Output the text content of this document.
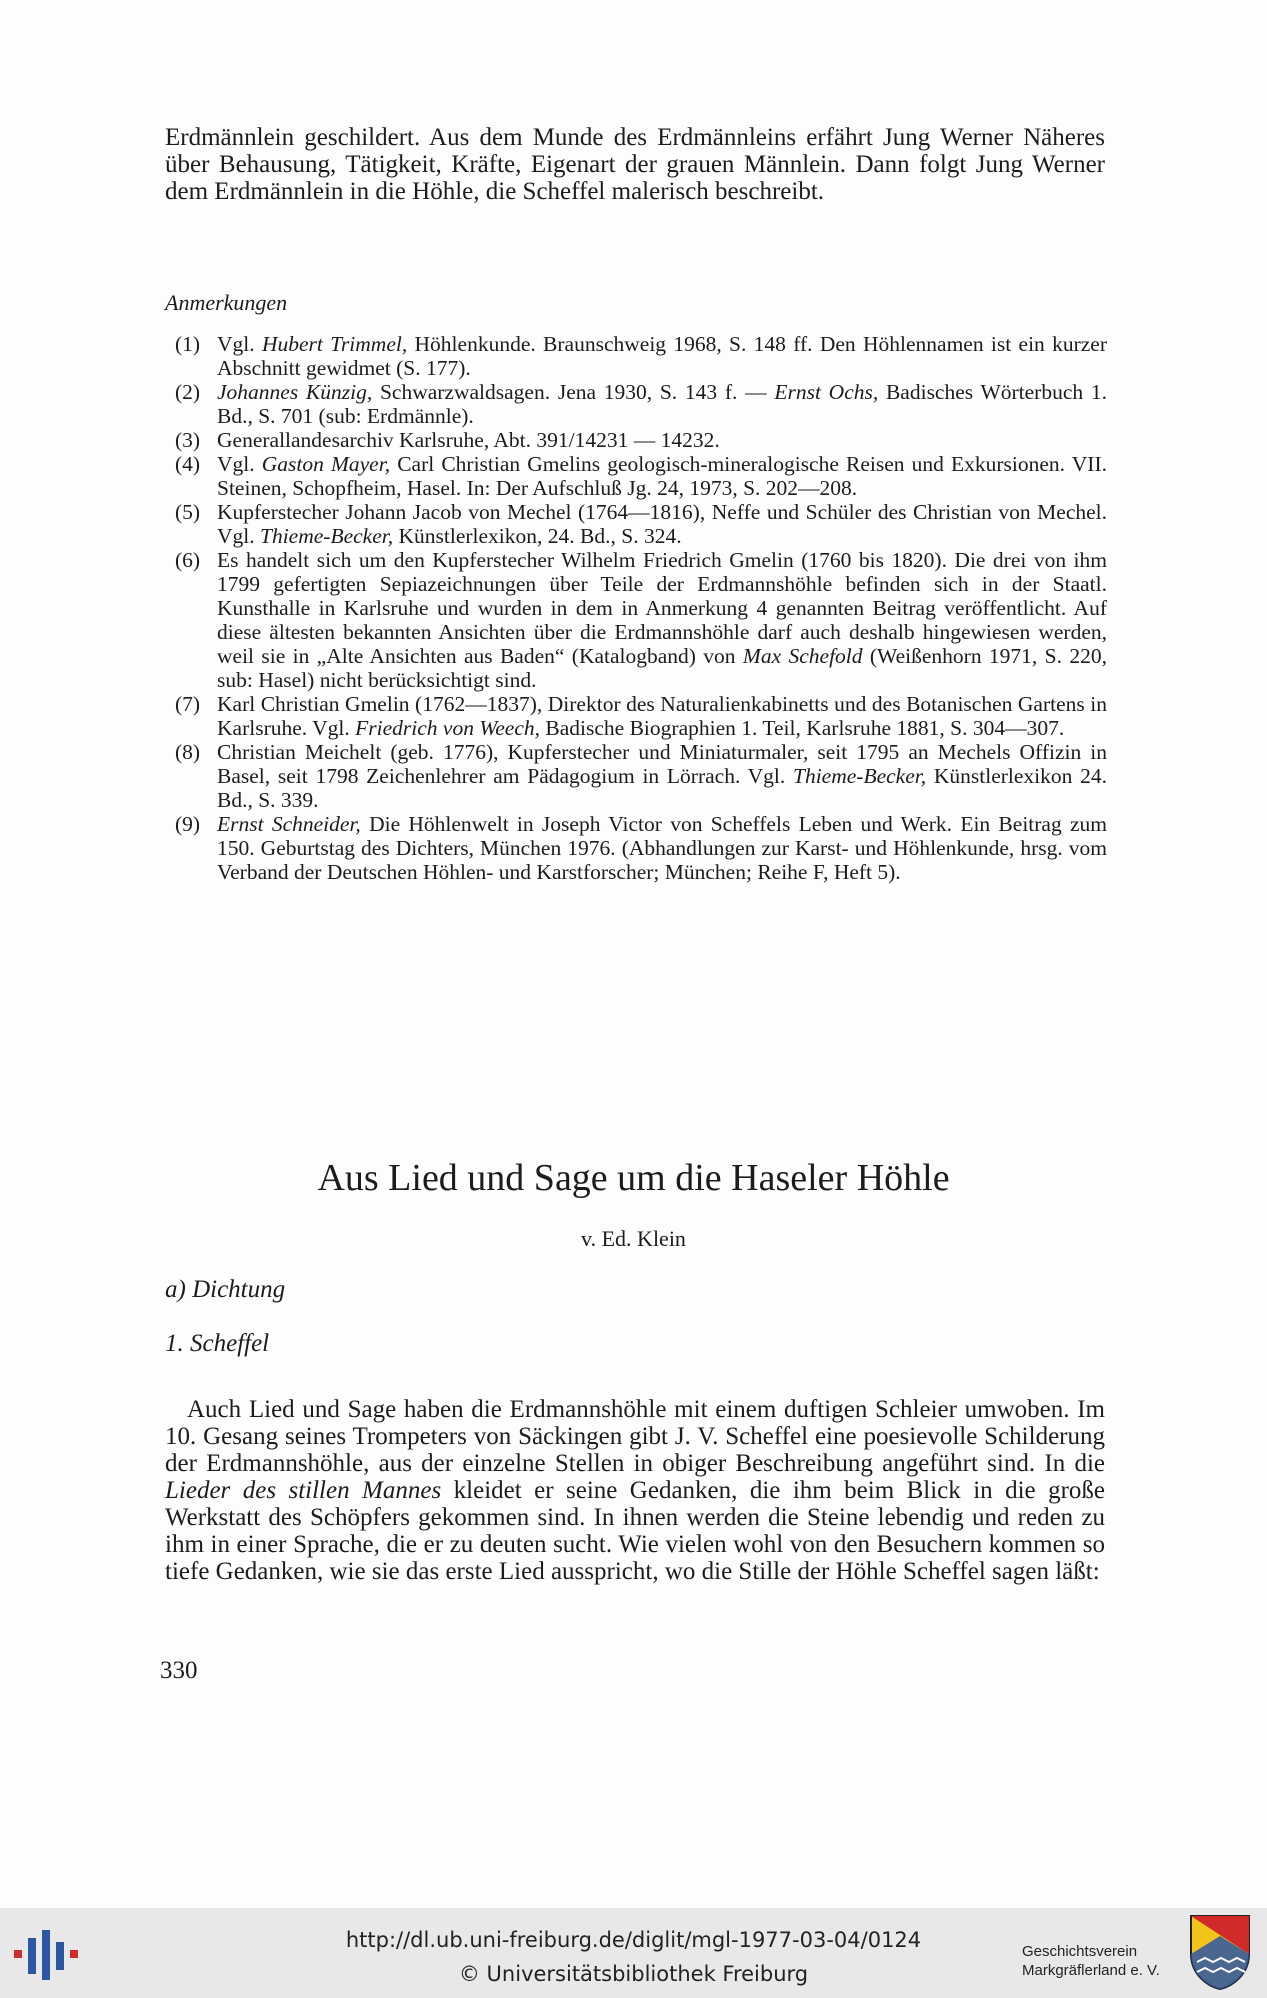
Erdmännlein geschildert. Aus dem Munde des Erdmännleins erfährt Jung Werner Näheres über Behausung, Tätigkeit, Kräfte, Eigenart der grauen Männlein. Dann folgt Jung Werner dem Erdmännlein in die Höhle, die Scheffel malerisch beschreibt.

Anmerkungen

(1) Vgl. Hubert Trimmel, Höhlenkunde. Braunschweig 1968, S. 148 ff. Den Höhlennamen ist ein kurzer Abschnitt gewidmet (S. 177).
(2) Johannes Künzig, Schwarzwaldsagen. Jena 1930, S. 143 f. — Ernst Ochs, Badisches Wörterbuch 1. Bd., S. 701 (sub: Erdmännle).
(3) Generallandesarchiv Karlsruhe, Abt. 391/14231 — 14232.
(4) Vgl. Gaston Mayer, Carl Christian Gmelins geologisch-mineralogische Reisen und Exkursionen. VII. Steinen, Schopfheim, Hasel. In: Der Aufschluß Jg. 24, 1973, S. 202—208.
(5) Kupferstecher Johann Jacob von Mechel (1764—1816), Neffe und Schüler des Christian von Mechel. Vgl. Thieme-Becker, Künstlerlexikon, 24. Bd., S. 324.
(6) Es handelt sich um den Kupferstecher Wilhelm Friedrich Gmelin (1760 bis 1820). Die drei von ihm 1799 gefertigten Sepiazeichnungen über Teile der Erdmannshöhle befinden sich in der Staatl. Kunsthalle in Karlsruhe und wurden in dem in Anmerkung 4 genannten Beitrag veröffentlicht. Auf diese ältesten bekannten Ansichten über die Erdmannshöhle darf auch deshalb hingewiesen werden, weil sie in „Alte Ansichten aus Baden“ (Katalogband) von Max Schefold (Weißenhorn 1971, S. 220, sub: Hasel) nicht berücksichtigt sind.
(7) Karl Christian Gmelin (1762—1837), Direktor des Naturalienkabinetts und des Botanischen Gartens in Karlsruhe. Vgl. Friedrich von Weech, Badische Biographien 1. Teil, Karlsruhe 1881, S. 304—307.
(8) Christian Meichelt (geb. 1776), Kupferstecher und Miniaturmaler, seit 1795 an Mechels Offizin in Basel, seit 1798 Zeichenlehrer am Pädagogium in Lörrach. Vgl. Thieme-Becker, Künstlerlexikon 24. Bd., S. 339.
(9) Ernst Schneider, Die Höhlenwelt in Joseph Victor von Scheffels Leben und Werk. Ein Beitrag zum 150. Geburtstag des Dichters, München 1976. (Abhandlungen zur Karst- und Höhlenkunde, hrsg. vom Verband der Deutschen Höhlen- und Karstforscher; München; Reihe F, Heft 5).
Aus Lied und Sage um die Haseler Höhle

v. Ed. Klein

a) Dichtung

1. Scheffel

Auch Lied und Sage haben die Erdmannshöhle mit einem duftigen Schleier umwoben. Im 10. Gesang seines Trompeters von Säckingen gibt J. V. Scheffel eine poesievolle Schilderung der Erdmannshöhle, aus der einzelne Stellen in obiger Beschreibung angeführt sind. In die Lieder des stillen Mannes kleidet er seine Gedanken, die ihm beim Blick in die große Werkstatt des Schöpfers gekommen sind. In ihnen werden die Steine lebendig und reden zu ihm in einer Sprache, die er zu deuten sucht. Wie vielen wohl von den Besuchern kommen so tiefe Gedanken, wie sie das erste Lied ausspricht, wo die Stille der Höhle Scheffel sagen läßt:

330

http://dl.ub.uni-freiburg.de/diglit/mgl-1977-03-04/0124

© Universitätsbibliothek Freiburg

Geschichtsverein
Markgräflerland e. V.
